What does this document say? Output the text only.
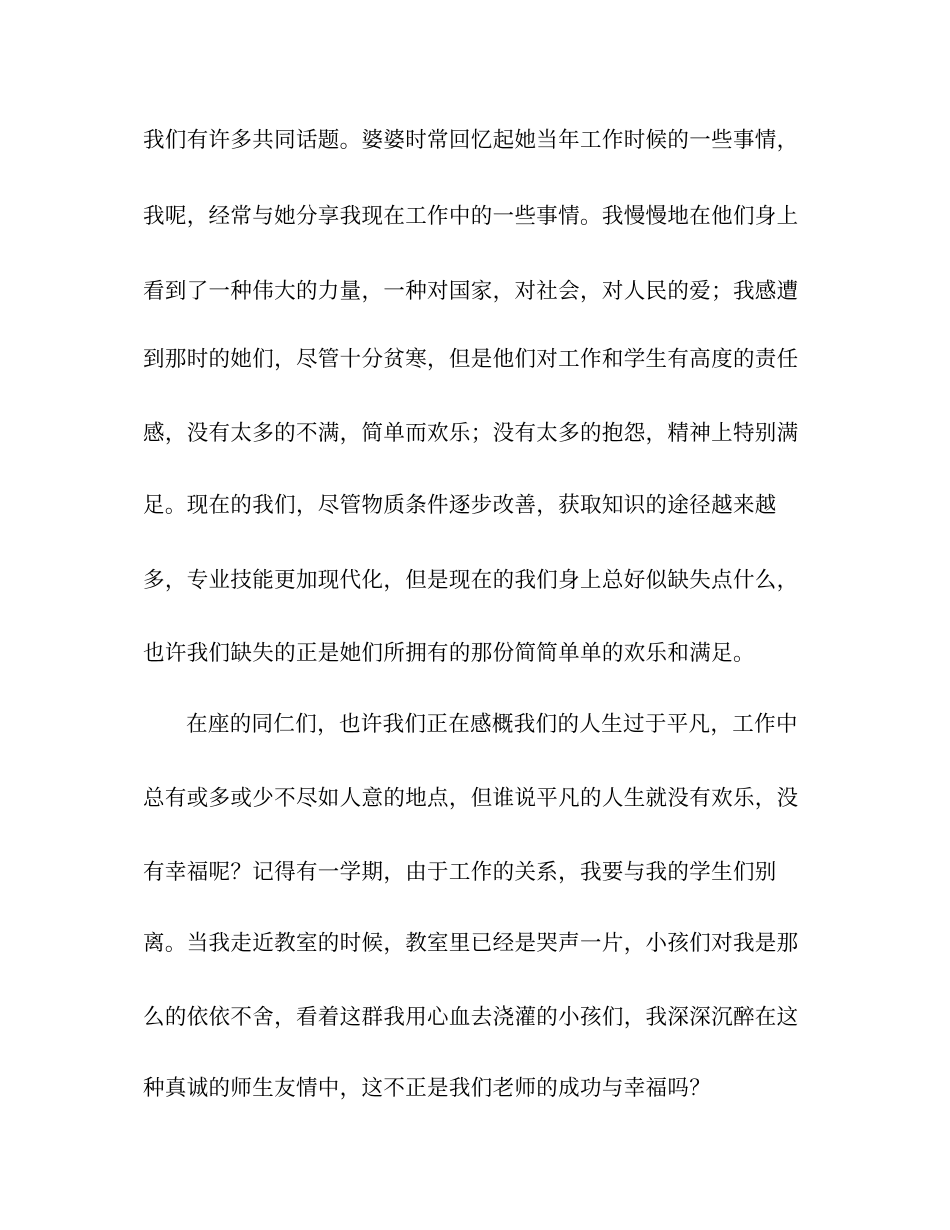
我们有许多共同话题。婆婆时常回忆起她当年工作时候的一些事情，
我呢，经常与她分享我现在工作中的一些事情。我慢慢地在他们身上
看到了一种伟大的力量，一种对国家，对社会，对人民的爱；我感遭
到那时的她们，尽管十分贫寒，但是他们对工作和学生有高度的责任
感，没有太多的不满，简单而欢乐；没有太多的抱怨，精神上特别满
足。现在的我们，尽管物质条件逐步改善，获取知识的途径越来越
多，专业技能更加现代化，但是现在的我们身上总好似缺失点什么，
也许我们缺失的正是她们所拥有的那份简简单单的欢乐和满足。
在座的同仁们，也许我们正在感概我们的人生过于平凡，工作中
总有或多或少不尽如人意的地点，但谁说平凡的人生就没有欢乐，没
有幸福呢？记得有一学期，由于工作的关系，我要与我的学生们别
离。当我走近教室的时候，教室里已经是哭声一片，小孩们对我是那
么的依依不舍，看着这群我用心血去浇灌的小孩们，我深深沉醉在这
种真诚的师生友情中，这不正是我们老师的成功与幸福吗？
